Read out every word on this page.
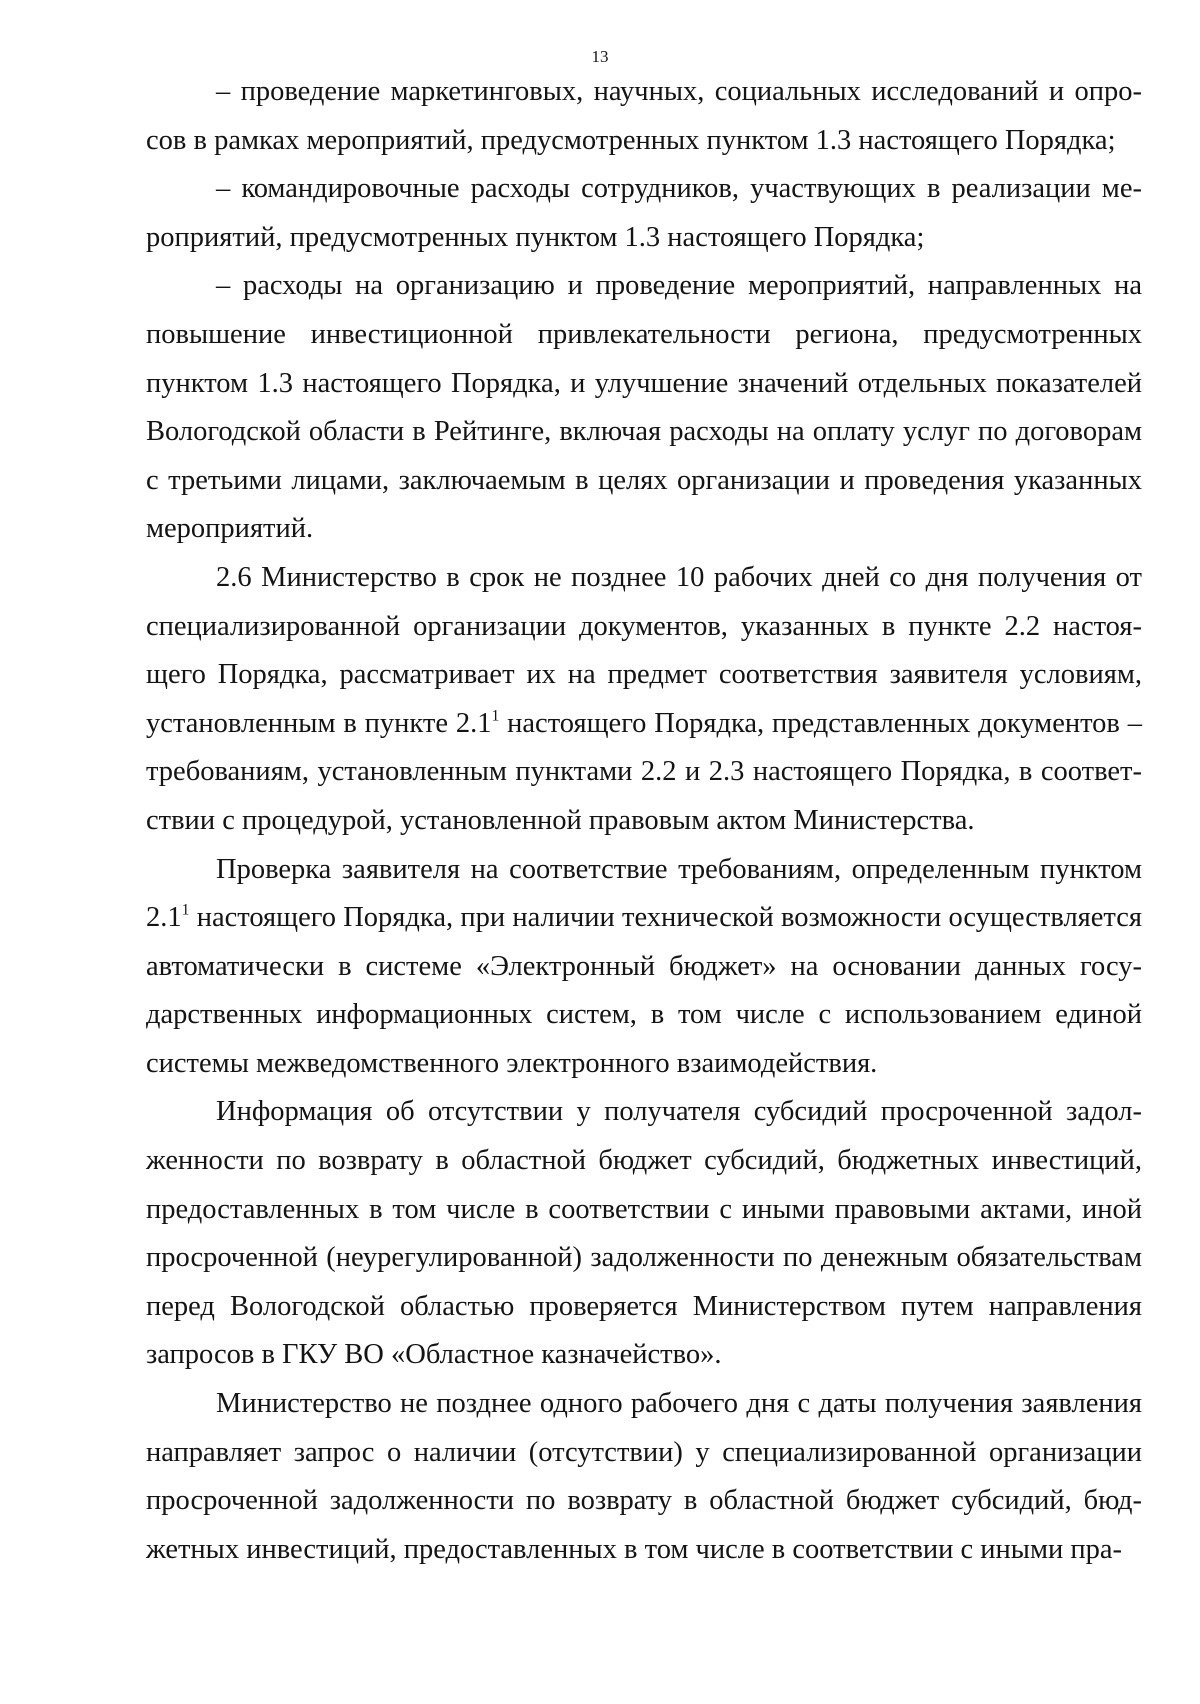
13

– проведение маркетинговых, научных, социальных исследований и опросов в рамках мероприятий, предусмотренных пунктом 1.3 настоящего Порядка;

– командировочные расходы сотрудников, участвующих в реализации мероприятий, предусмотренных пунктом 1.3 настоящего Порядка;

– расходы на организацию и проведение мероприятий, направленных на повышение инвестиционной привлекательности региона, предусмотренных пунктом 1.3 настоящего Порядка, и улучшение значений отдельных показателей Вологодской области в Рейтинге, включая расходы на оплату услуг по договорам с третьими лицами, заключаемым в целях организации и проведения указанных мероприятий.

2.6 Министерство в срок не позднее 10 рабочих дней со дня получения от специализированной организации документов, указанных в пункте 2.2 настоящего Порядка, рассматривает их на предмет соответствия заявителя условиям, установленным в пункте $2.1^1$ настоящего Порядка, представленных документов – требованиям, установленным пунктами 2.2 и 2.3 настоящего Порядка, в соответствии с процедурой, установленной правовым актом Министерства.

Проверка заявителя на соответствие требованиям, определенным пунктом $2.1^1$ настоящего Порядка, при наличии технической возможности осуществляется автоматически в системе «Электронный бюджет» на основании данных государственных информационных систем, в том числе с использованием единой системы межведомственного электронного взаимодействия.

Информация об отсутствии у получателя субсидий просроченной задолженности по возврату в областной бюджет субсидий, бюджетных инвестиций, предоставленных в том числе в соответствии с иными правовыми актами, иной просроченной (неурегулированной) задолженности по денежным обязательствам перед Вологодской областью проверяется Министерством путем направления запросов в ГКУ ВО «Областное казначейство».

Министерство не позднее одного рабочего дня с даты получения заявления направляет запрос о наличии (отсутствии) у специализированной организации просроченной задолженности по возврату в областной бюджет субсидий, бюджетных инвестиций, предоставленных в том числе в соответствии с иными пра-
